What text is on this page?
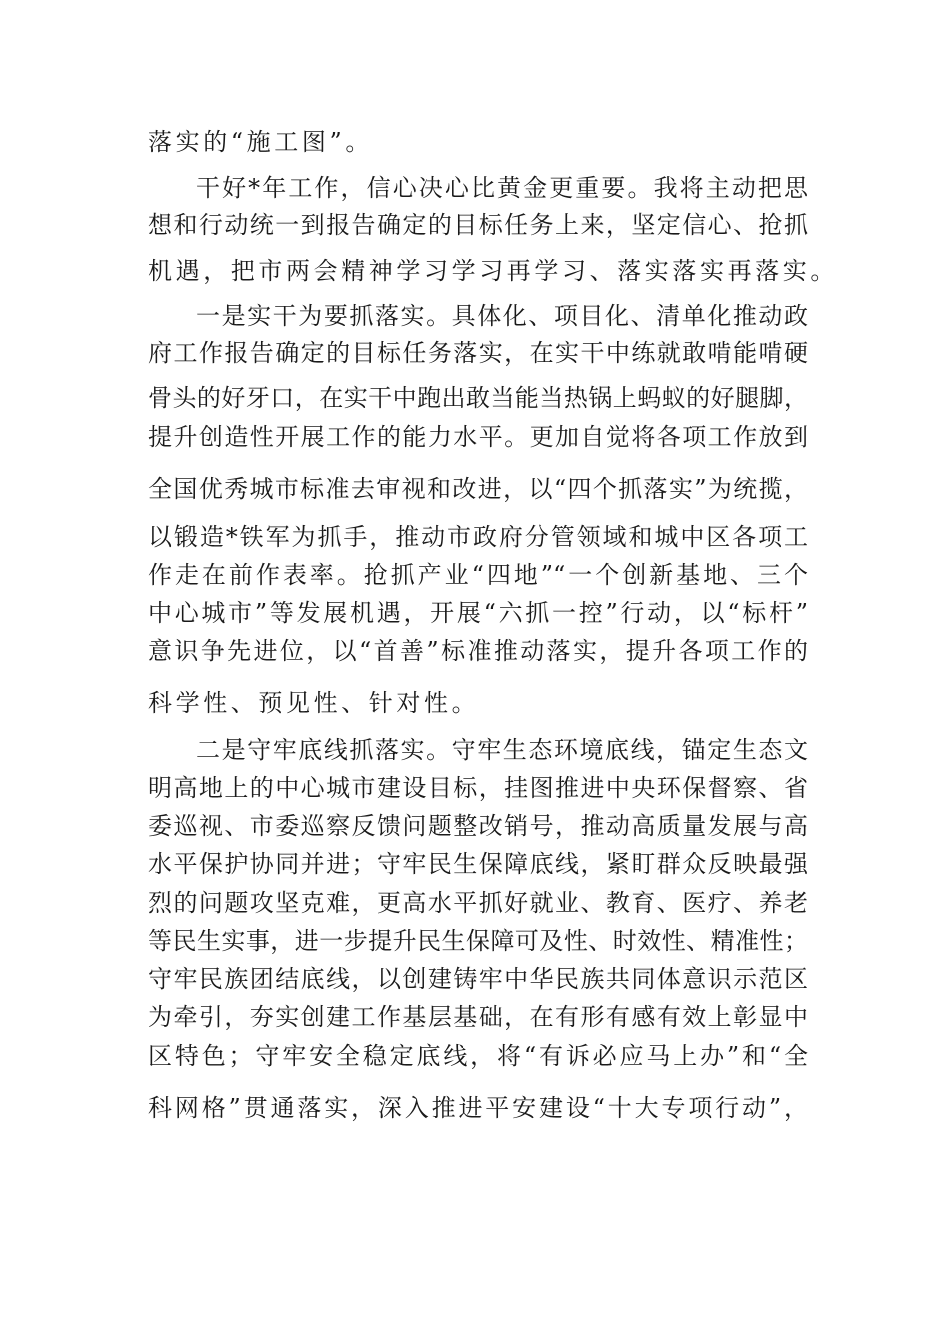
落实的“施工图”。
干好*年工作，信心决心比黄金更重要。我将主动把思
想和行动统一到报告确定的目标任务上来，坚定信心、抢抓
机遇，把市两会精神学习学习再学习、落实落实再落实。
一是实干为要抓落实。具体化、项目化、清单化推动政
府工作报告确定的目标任务落实，在实干中练就敢啃能啃硬
骨头的好牙口，在实干中跑出敢当能当热锅上蚂蚁的好腿脚，
提升创造性开展工作的能力水平。更加自觉将各项工作放到
全国优秀城市标准去审视和改进，以“四个抓落实”为统揽，
以锻造*铁军为抓手，推动市政府分管领域和城中区各项工
作走在前作表率。抢抓产业“四地”“一个创新基地、三个
中心城市”等发展机遇，开展“六抓一控”行动，以“标杆”
意识争先进位，以“首善”标准推动落实，提升各项工作的
科学性、预见性、针对性。
二是守牢底线抓落实。守牢生态环境底线，锚定生态文
明高地上的中心城市建设目标，挂图推进中央环保督察、省
委巡视、市委巡察反馈问题整改销号，推动高质量发展与高
水平保护协同并进；守牢民生保障底线，紧盯群众反映最强
烈的问题攻坚克难，更高水平抓好就业、教育、医疗、养老
等民生实事，进一步提升民生保障可及性、时效性、精准性；
守牢民族团结底线，以创建铸牢中华民族共同体意识示范区
为牵引，夯实创建工作基层基础，在有形有感有效上彰显中
区特色；守牢安全稳定底线，将“有诉必应马上办”和“全
科网格”贯通落实，深入推进平安建设“十大专项行动”，
